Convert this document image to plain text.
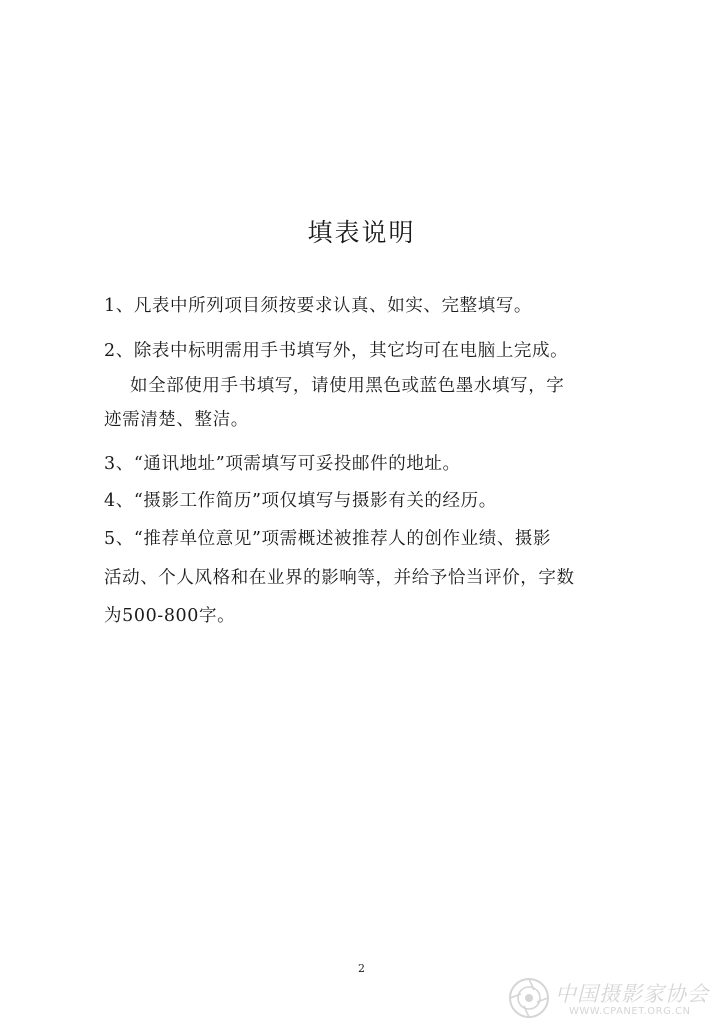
填表说明
1、凡表中所列项目须按要求认真、如实、完整填写。
2、除表中标明需用手书填写外，其它均可在电脑上完成。
如全部使用手书填写，请使用黑色或蓝色墨水填写，字
迹需清楚、整洁。
3、“通讯地址”项需填写可妥投邮件的地址。
4、“摄影工作简历”项仅填写与摄影有关的经历。
5、“推荐单位意见”项需概述被推荐人的创作业绩、摄影
活动、个人风格和在业界的影响等，并给予恰当评价，字数
为500-800字。
2
中国摄影家协会
WWW.CPANET.ORG.CN
